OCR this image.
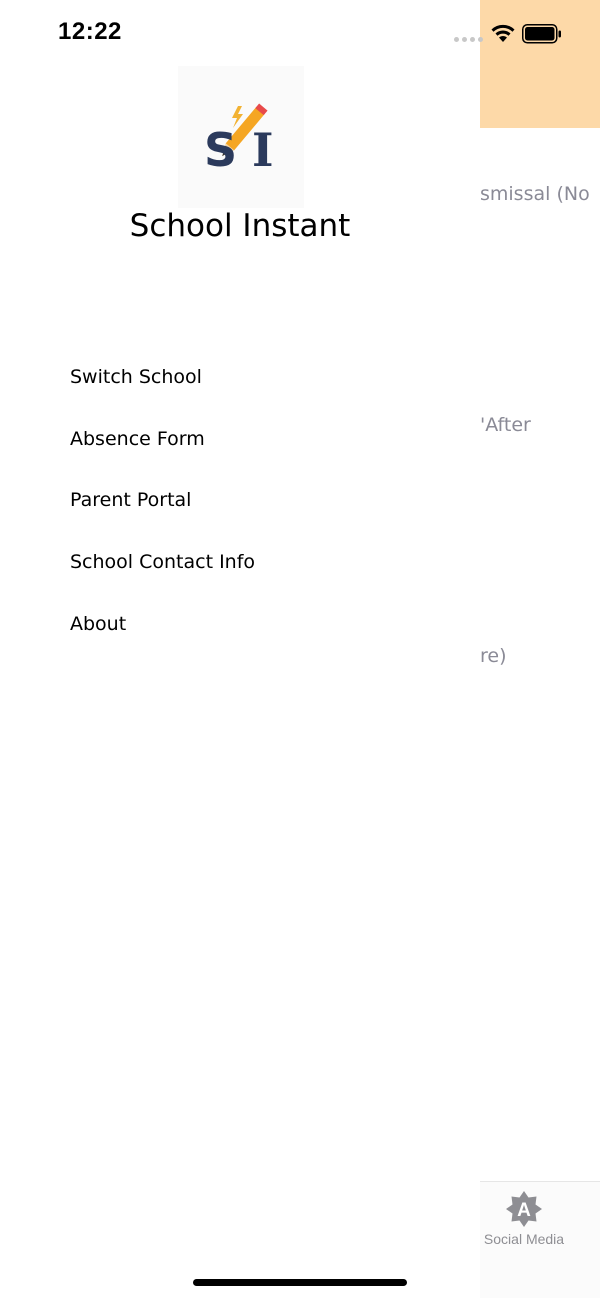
smissal (No
'After
re)
A
Social Media
S I
School Instant
Switch School
Absence Form
Parent Portal
School Contact Info
About
12:22
